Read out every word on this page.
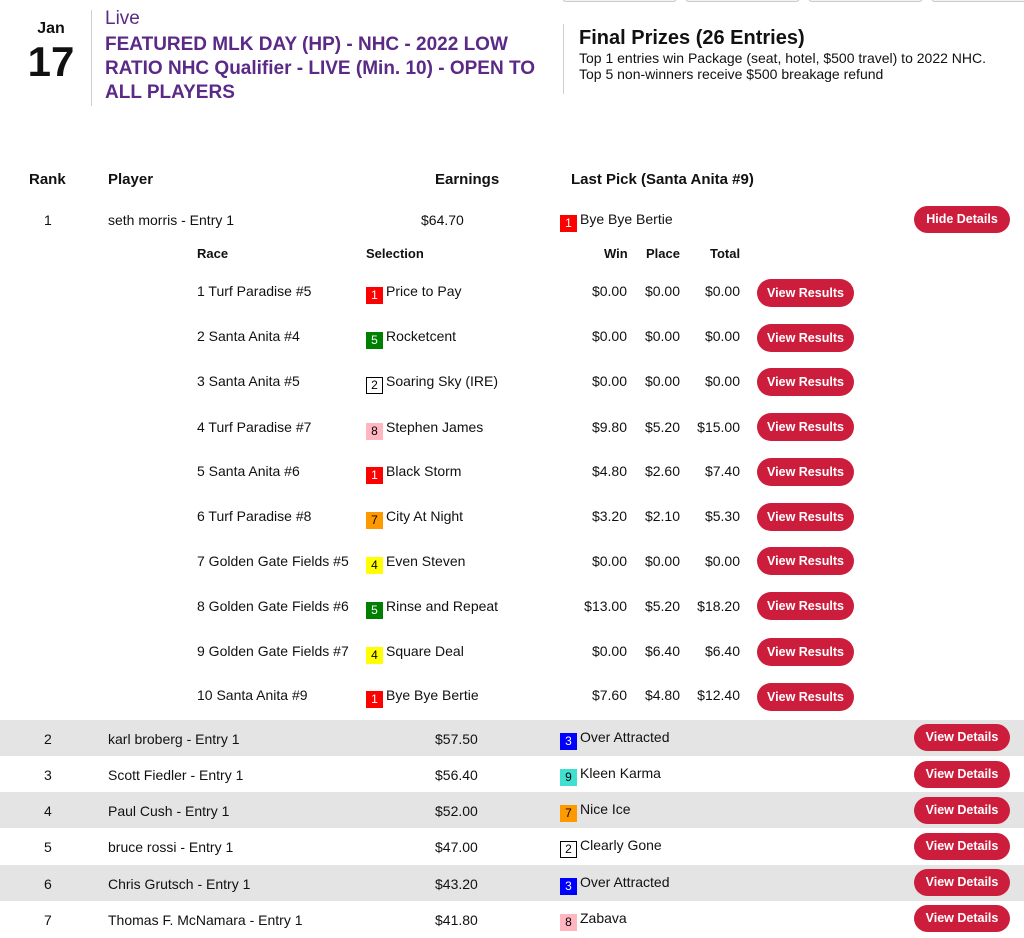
Jan
17
Live
FEATURED MLK DAY (HP) - NHC - 2022 LOW RATIO NHC Qualifier - LIVE (Min. 10) - OPEN TO ALL PLAYERS
Final Prizes (26 Entries)
Top 1 entries win Package (seat, hotel, $500 travel) to 2022 NHC.
Top 5 non-winners receive $500 breakage refund
Rank	Player	Earnings	Last Pick (Santa Anita #9)
1	seth morris - Entry 1	$64.70	1 Bye Bye Bertie	Hide Details
Race	Selection	Win Place Total
1 Turf Paradise #5	1 Price to Pay	$0.00	$0.00	$0.00	View Results
2 Santa Anita #4	5 Rocketcent	$0.00	$0.00	$0.00	View Results
3 Santa Anita #5	2 Soaring Sky (IRE)	$0.00	$0.00	$0.00	View Results
4 Turf Paradise #7	8 Stephen James	$9.80	$5.20	$15.00	View Results
5 Santa Anita #6	1 Black Storm	$4.80	$2.60	$7.40	View Results
6 Turf Paradise #8	7 City At Night	$3.20	$2.10	$5.30	View Results
7 Golden Gate Fields #5	4 Even Steven	$0.00	$0.00	$0.00	View Results
8 Golden Gate Fields #6	5 Rinse and Repeat	$13.00	$5.20	$18.20	View Results
9 Golden Gate Fields #7	4 Square Deal	$0.00	$6.40	$6.40	View Results
10 Santa Anita #9	1 Bye Bye Bertie	$7.60	$4.80	$12.40	View Results
2	karl broberg - Entry 1	$57.50	3 Over Attracted	View Details
3	Scott Fiedler - Entry 1	$56.40	9 Kleen Karma	View Details
4	Paul Cush - Entry 1	$52.00	7 Nice Ice	View Details
5	bruce rossi - Entry 1	$47.00	2 Clearly Gone	View Details
6	Chris Grutsch - Entry 1	$43.20	3 Over Attracted	View Details
7	Thomas F. McNamara - Entry 1	$41.80	8 Zabava	View Details
